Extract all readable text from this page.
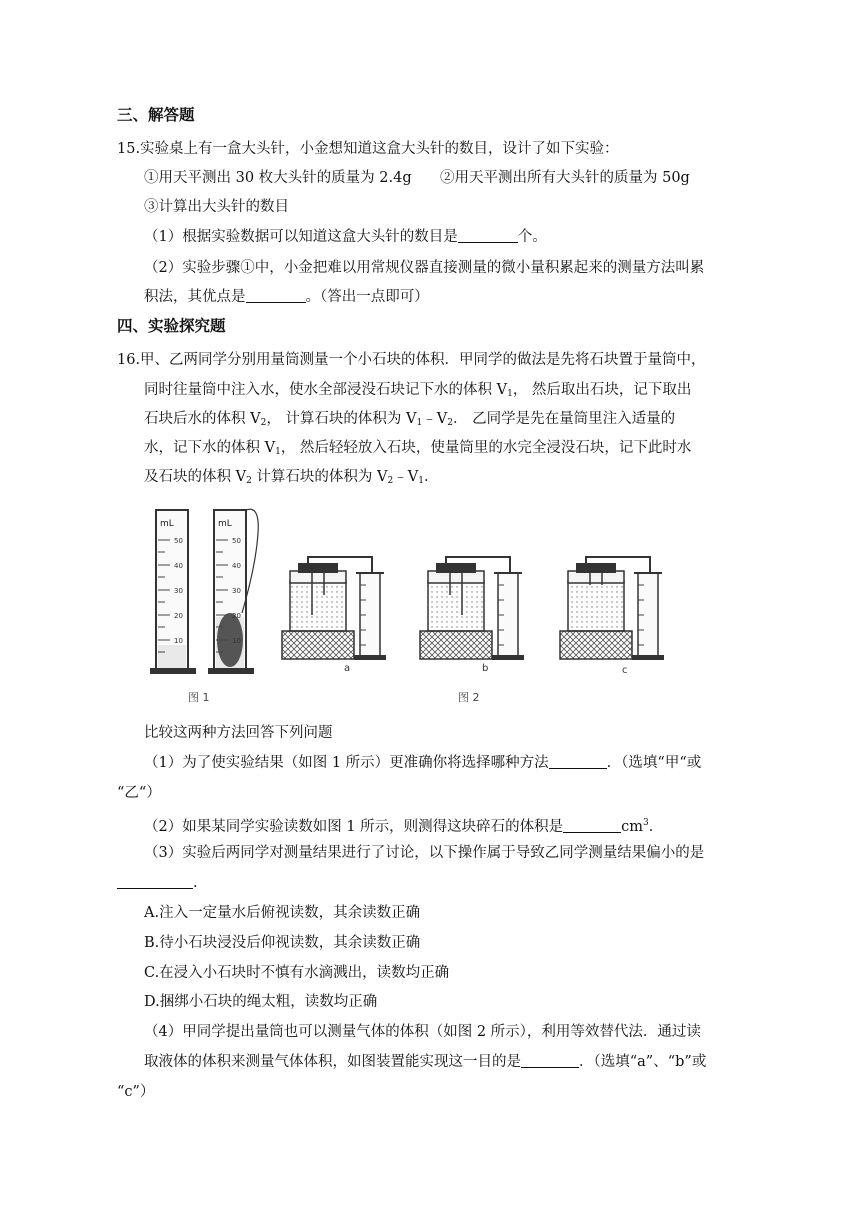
三、解答题
15.实验桌上有一盒大头针，小金想知道这盒大头针的数目，设计了如下实验：
①用天平测出 30 枚大头针的质量为 2.4g ②用天平测出所有大头针的质量为 50g
③计算出大头针的数目
（1）根据实验数据可以知道这盒大头针的数目是	个。
（2）实验步骤①中，小金把难以用常规仪器直接测量的微小量积累起来的测量方法叫累
积法，其优点是	。（答出一点即可）
四、实验探究题
16.甲、乙两同学分别用量筒测量一个小石块的体积．甲同学的做法是先将石块置于量筒中，
同时往量筒中注入水，使水全部浸没石块记下水的体积 $V_1$， 然后取出石块，记下取出
石块后水的体积 $V_2$， 计算石块的体积为 $V_1﹣V_2$． 乙同学是先在量筒里注入适量的
水，记下水的体积 $V_1$， 然后轻轻放入石块，使量筒里的水完全浸没石块，记下此时水
及石块的体积 $V_2$ 计算石块的体积为 $V_2﹣V_1$．
mL
50
40
30
20
10
mL
50
40
30
20
10
图 1
a	b	c
图 2
比较这两种方法回答下列问题
（1）为了使实验结果（如图 1 所示）更准确你将选择哪种方法	．（选填“甲“或
“乙“）
（2）如果某同学实验读数如图 1 所示，则测得这块碎石的体积是	$cm^3$．
（3）实验后两同学对测量结果进行了讨论，以下操作属于导致乙同学测量结果偏小的是
.
A.注入一定量水后俯视读数，其余读数正确
B.待小石块浸没后仰视读数，其余读数正确
C.在浸入小石块时不慎有水滴溅出，读数均正确
D.捆绑小石块的绳太粗，读数均正确
（4）甲同学提出量筒也可以测量气体的体积（如图 2 所示），利用等效替代法．通过读
取液体的体积来测量气体体积，如图装置能实现这一目的是	．（选填“a”、“b”或
“c”）
